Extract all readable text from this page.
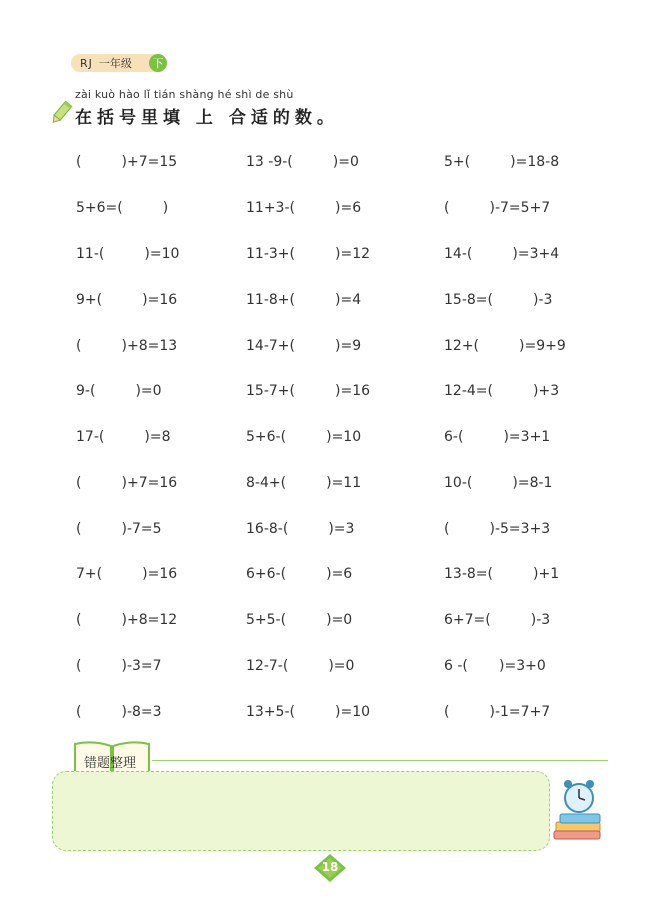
RJ 一年级	下
zài kuò hào lǐ tián shàng hé shì de shù
在括号里填 上 合适的数。
(         )+7=15	13 -9-(         )=0	5+(         )=18-8
5+6=(         )	11+3-(         )=6	(         )-7=5+7
11-(         )=10	11-3+(         )=12	14-(         )=3+4
9+(         )=16	11-8+(         )=4	15-8=(         )-3
(         )+8=13	14-7+(         )=9	12+(         )=9+9
9-(         )=0	15-7+(         )=16	12-4=(         )+3
17-(         )=8	5+6-(         )=10	6-(         )=3+1
(         )+7=16	8-4+(         )=11	10-(         )=8-1
(         )-7=5	16-8-(         )=3	(         )-5=3+3
7+(         )=16	6+6-(         )=6	13-8=(         )+1
(         )+8=12	5+5-(         )=0	6+7=(         )-3
(         )-3=7	12-7-(         )=0	6 -(       )=3+0
(         )-8=3	13+5-(         )=10	(         )-1=7+7
错题整理
18
